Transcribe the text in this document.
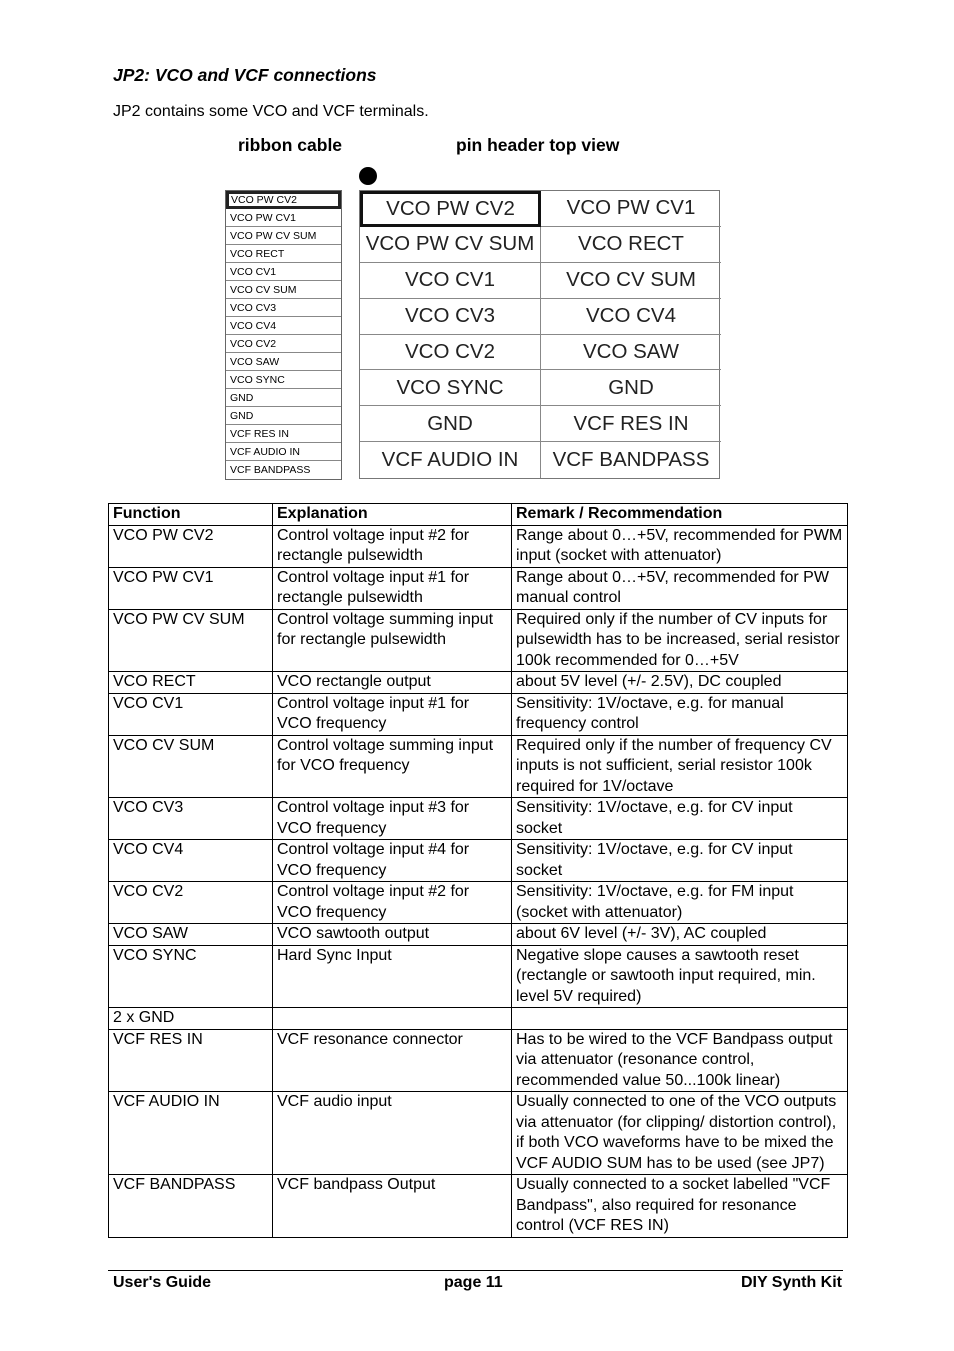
JP2: VCO and VCF connections
JP2 contains some VCO and VCF terminals.
ribbon cable	pin header top view
VCO PW CV2
VCO PW CV1
VCO PW CV SUM
VCO RECT
VCO CV1
VCO CV SUM
VCO CV3
VCO CV4
VCO CV2
VCO SAW
VCO SYNC
GND
GND
VCF RES IN
VCF AUDIO IN
VCF BANDPASS
VCO PW CV2	VCO PW CV1
VCO PW CV SUM	VCO RECT
VCO CV1	VCO CV SUM
VCO CV3	VCO CV4
VCO CV2	VCO SAW
VCO SYNC	GND
GND	VCF RES IN
VCF AUDIO IN	VCF BANDPASS
Function	Explanation	Remark / Recommendation
VCO PW CV2	Control voltage input #2 for rectangle pulsewidth	Range about 0…+5V, recommended for PWM input (socket with attenuator)
VCO PW CV1	Control voltage input #1 for rectangle pulsewidth	Range about 0…+5V, recommended for PW manual control
VCO PW CV SUM	Control voltage summing input for rectangle pulsewidth	Required only if the number of CV inputs for pulsewidth has to be increased, serial resistor 100k recommended for 0…+5V
VCO RECT	VCO rectangle output	about 5V level (+/- 2.5V), DC coupled
VCO CV1	Control voltage input #1 for VCO frequency	Sensitivity: 1V/octave, e.g. for manual frequency control
VCO CV SUM	Control voltage summing input for VCO frequency	Required only if the number of frequency CV inputs is not sufficient, serial resistor 100k required for 1V/octave
VCO CV3	Control voltage input #3 for VCO frequency	Sensitivity: 1V/octave, e.g. for CV input socket
VCO CV4	Control voltage input #4 for VCO frequency	Sensitivity: 1V/octave, e.g. for CV input socket
VCO CV2	Control voltage input #2 for VCO frequency	Sensitivity: 1V/octave, e.g. for FM input (socket with attenuator)
VCO SAW	VCO sawtooth output	about 6V level (+/- 3V), AC coupled
VCO SYNC	Hard Sync Input	Negative slope causes a sawtooth reset (rectangle or sawtooth input required, min. level 5V required)
2 x GND		
VCF RES IN	VCF resonance connector	Has to be wired to the VCF Bandpass output via attenuator (resonance control, recommended value 50...100k linear)
VCF AUDIO IN	VCF audio input	Usually connected to one of the VCO outputs via attenuator (for clipping/ distortion control), if both VCO waveforms have to be mixed the VCF AUDIO SUM has to be used (see JP7)
VCF BANDPASS	VCF bandpass Output	Usually connected to a socket labelled "VCF Bandpass", also required for resonance control (VCF RES IN)
User's Guide	page 11	DIY Synth Kit
